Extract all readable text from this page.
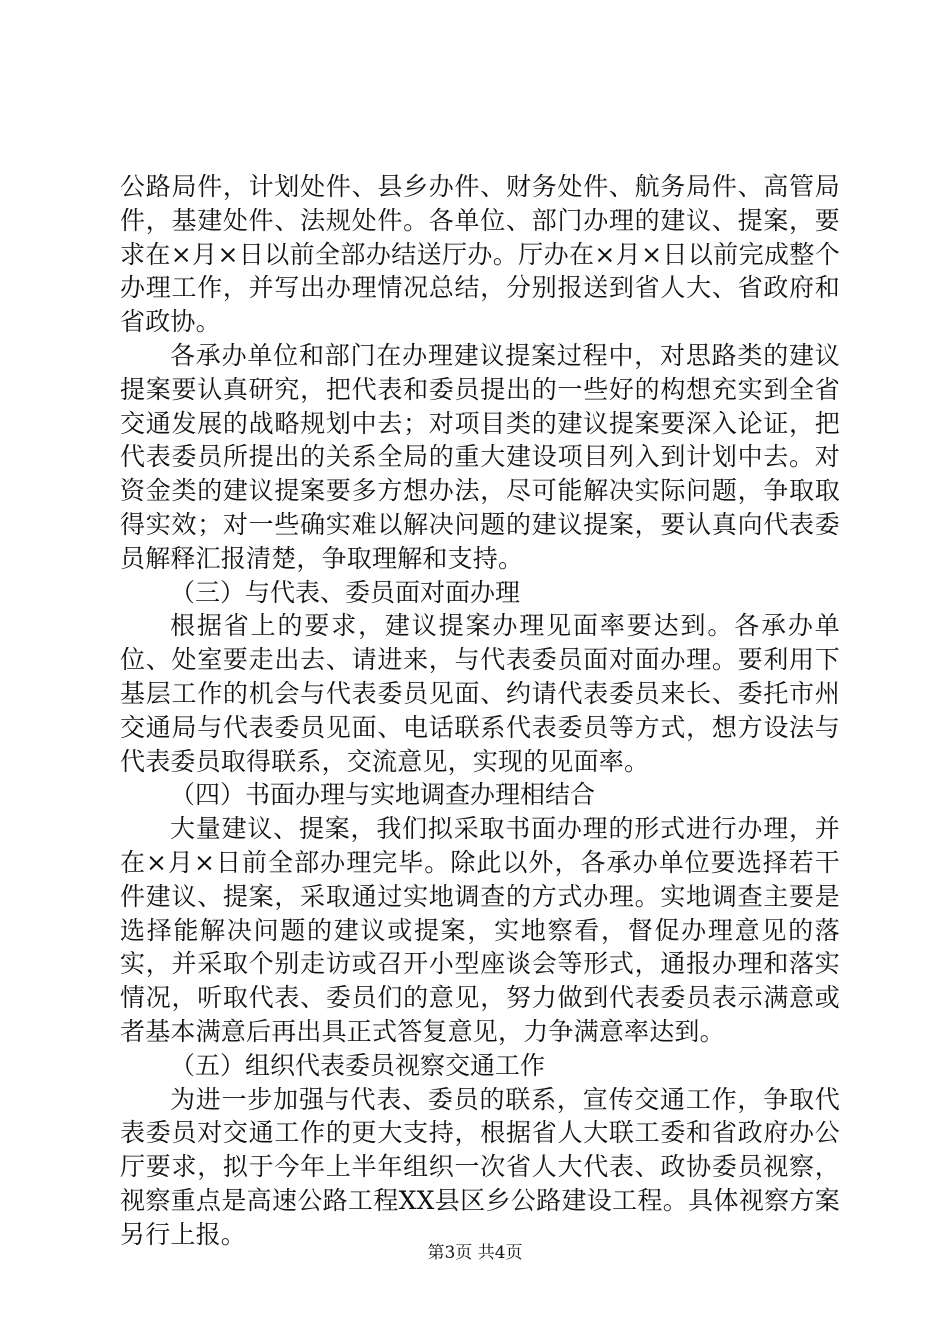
公路局件，计划处件、县乡办件、财务处件、航务局件、高管局件，基建处件、法规处件。各单位、部门办理的建议、提案，要求在×月×日以前全部办结送厅办。厅办在×月×日以前完成整个办理工作，并写出办理情况总结，分别报送到省人大、省政府和省政协。

各承办单位和部门在办理建议提案过程中，对思路类的建议提案要认真研究，把代表和委员提出的一些好的构想充实到全省交通发展的战略规划中去；对项目类的建议提案要深入论证，把代表委员所提出的关系全局的重大建设项目列入到计划中去。对资金类的建议提案要多方想办法，尽可能解决实际问题，争取取得实效；对一些确实难以解决问题的建议提案，要认真向代表委员解释汇报清楚，争取理解和支持。

（三）与代表、委员面对面办理

根据省上的要求，建议提案办理见面率要达到。各承办单位、处室要走出去、请进来，与代表委员面对面办理。要利用下基层工作的机会与代表委员见面、约请代表委员来长、委托市州交通局与代表委员见面、电话联系代表委员等方式，想方设法与代表委员取得联系，交流意见，实现的见面率。

（四）书面办理与实地调查办理相结合

大量建议、提案，我们拟采取书面办理的形式进行办理，并在×月×日前全部办理完毕。除此以外，各承办单位要选择若干件建议、提案，采取通过实地调查的方式办理。实地调查主要是选择能解决问题的建议或提案，实地察看，督促办理意见的落实，并采取个别走访或召开小型座谈会等形式，通报办理和落实情况，听取代表、委员们的意见，努力做到代表委员表示满意或者基本满意后再出具正式答复意见，力争满意率达到。

（五）组织代表委员视察交通工作

为进一步加强与代表、委员的联系，宣传交通工作，争取代表委员对交通工作的更大支持，根据省人大联工委和省政府办公厅要求，拟于今年上半年组织一次省人大代表、政协委员视察，视察重点是高速公路工程XX县区乡公路建设工程。具体视察方案另行上报。

第3页 共4页
